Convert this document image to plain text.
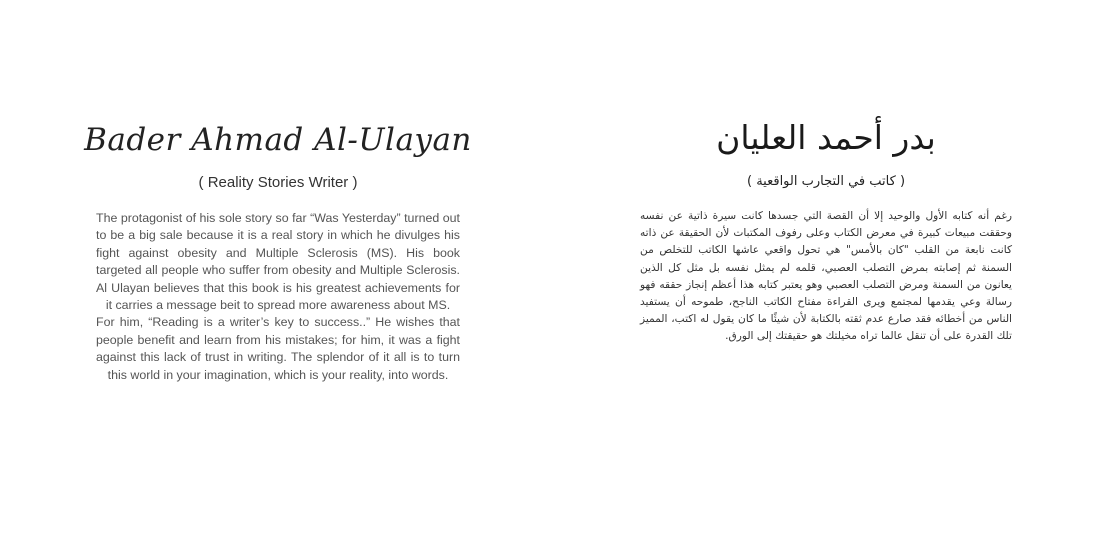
Bader Ahmad Al-Ulayan
( Reality Stories Writer )

The protagonist of his sole story so far “Was Yesterday” turned out to be a big sale because it is a real story in which he divulges his fight against obesity and Multiple Sclerosis (MS). His book targeted all people who suffer from obesity and Multiple Sclerosis. Al Ulayan believes that this book is his greatest achievements for it carries a message beit to spread more awareness about MS.

For him, “Reading is a writer’s key to success..” He wishes that people benefit and learn from his mistakes; for him, it was a fight against this lack of trust in writing. The splendor of it all is to turn this world in your imagination, which is your reality, into words.

بدر أحمد العليان
( كاتب في التجارب الواقعية )

رغم أنه كتابه الأول والوحيد إلا أن القصة التي جسدها كانت سيرة ذاتية عن نفسه وحققت مبيعات كبيرة في معرض الكتاب وعلى رفوف المكتبات لأن الحقيقة عن ذاته كانت نابعة من القلب "كان بالأمس" هي تحول واقعي عاشها الكاتب للتخلص من السمنة ثم إصابته بمرض التصلب العصبي، قلمه لم يمثل نفسه بل مثل كل الذين يعانون من السمنة ومرض التصلب العصبي وهو يعتبر كتابه هذا أعظم إنجاز حققه فهو رسالة وعي يقدمها لمجتمع ويرى القراءة مفتاح الكاتب الناجح، طموحه أن يستفيد الناس من أخطائه فقد صارع عدم ثقته بالكتابة لأن شيئًا ما كان يقول له اكتب، المميز تلك القدرة على أن تنقل عالما تراه مخيلتك هو حقيقتك إلى الورق.
